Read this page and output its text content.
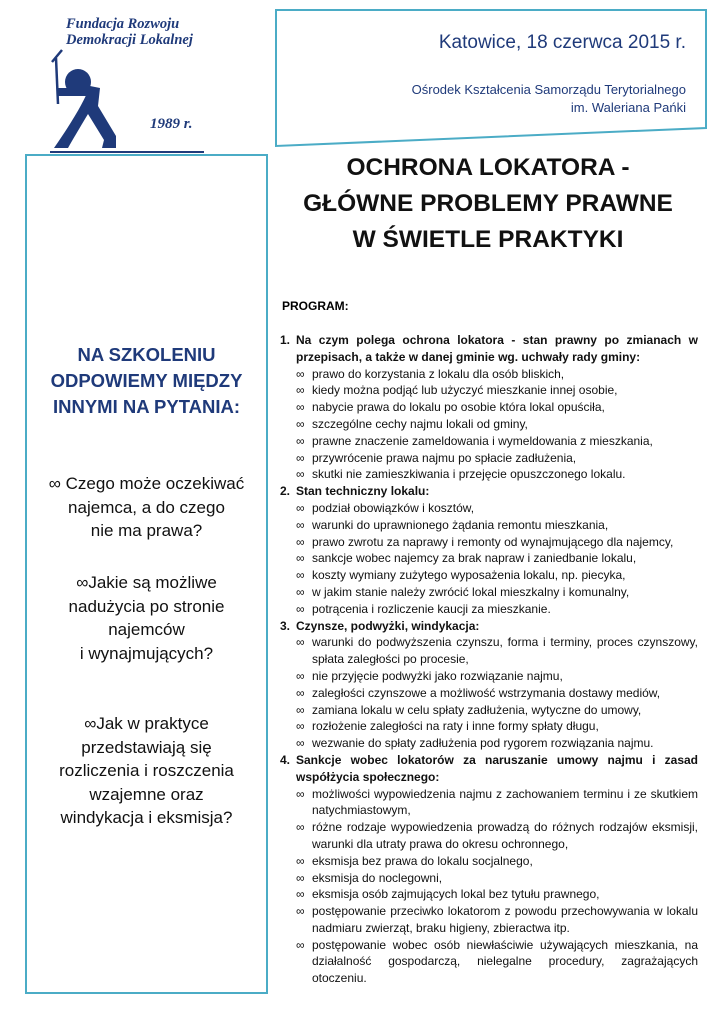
Fundacja Rozwoju
Demokracji Lokalnej
1989 r.
Katowice, 18 czerwca 2015 r.
Ośrodek Kształcenia Samorządu Terytorialnego
im. Waleriana Pańki
NA SZKOLENIU
ODPOWIEMY MIĘDZY
INNYMI NA PYTANIA:
∞ Czego może oczekiwać
najemca, a do czego
nie ma prawa?
∞Jakie są możliwe
nadużycia po stronie
najemców
i wynajmujących?
∞Jak w praktyce
przedstawiają się
rozliczenia i roszczenia
wzajemne oraz
windykacja i eksmisja?
OCHRONA LOKATORA -
GŁÓWNE PROBLEMY PRAWNE
W ŚWIETLE PRAKTYKI
PROGRAM:
1. Na czym polega ochrona lokatora - stan prawny po zmianach w przepisach, a także w danej gminie wg. uchwały rady gminy:
∞ prawo do korzystania z lokalu dla osób bliskich,
∞ kiedy można podjąć lub użyczyć mieszkanie innej osobie,
∞ nabycie prawa do lokalu po osobie która lokal opuściła,
∞ szczególne cechy najmu lokali od gminy,
∞ prawne znaczenie zameldowania i wymeldowania z mieszkania,
∞ przywrócenie prawa najmu po spłacie zadłużenia,
∞ skutki nie zamieszkiwania i przejęcie opuszczonego lokalu.
2. Stan techniczny lokalu:
∞ podział obowiązków i kosztów,
∞ warunki do uprawnionego żądania remontu mieszkania,
∞ prawo zwrotu za naprawy i remonty od wynajmującego dla najemcy,
∞ sankcje wobec najemcy za brak napraw i zaniedbanie lokalu,
∞ koszty wymiany zużytego wyposażenia lokalu, np. piecyka,
∞ w jakim stanie należy zwrócić lokal mieszkalny i komunalny,
∞ potrącenia i rozliczenie kaucji za mieszkanie.
3. Czynsze, podwyżki, windykacja:
∞ warunki do podwyższenia czynszu, forma i terminy, proces czynszowy, spłata zaległości po procesie,
∞ nie przyjęcie podwyżki jako rozwiązanie najmu,
∞ zaległości czynszowe a możliwość wstrzymania dostawy mediów,
∞ zamiana lokalu w celu spłaty zadłużenia, wytyczne do umowy,
∞ rozłożenie zaległości na raty i inne formy spłaty długu,
∞ wezwanie do spłaty zadłużenia pod rygorem rozwiązania najmu.
4. Sankcje wobec lokatorów za naruszanie umowy najmu i zasad współżycia społecznego:
∞ możliwości wypowiedzenia najmu z zachowaniem terminu i ze skutkiem natychmiastowym,
∞ różne rodzaje wypowiedzenia prowadzą do różnych rodzajów eksmisji, warunki dla utraty prawa do okresu ochronnego,
∞ eksmisja bez prawa do lokalu socjalnego,
∞ eksmisja do noclegowni,
∞ eksmisja osób zajmujących lokal bez tytułu prawnego,
∞ postępowanie przeciwko lokatorom z powodu przechowywania w lokalu nadmiaru zwierząt, braku higieny, zbieractwa itp.
∞ postępowanie wobec osób niewłaściwie używających mieszkania, na działalność gospodarczą, nielegalne procedury, zagrażających otoczeniu.
